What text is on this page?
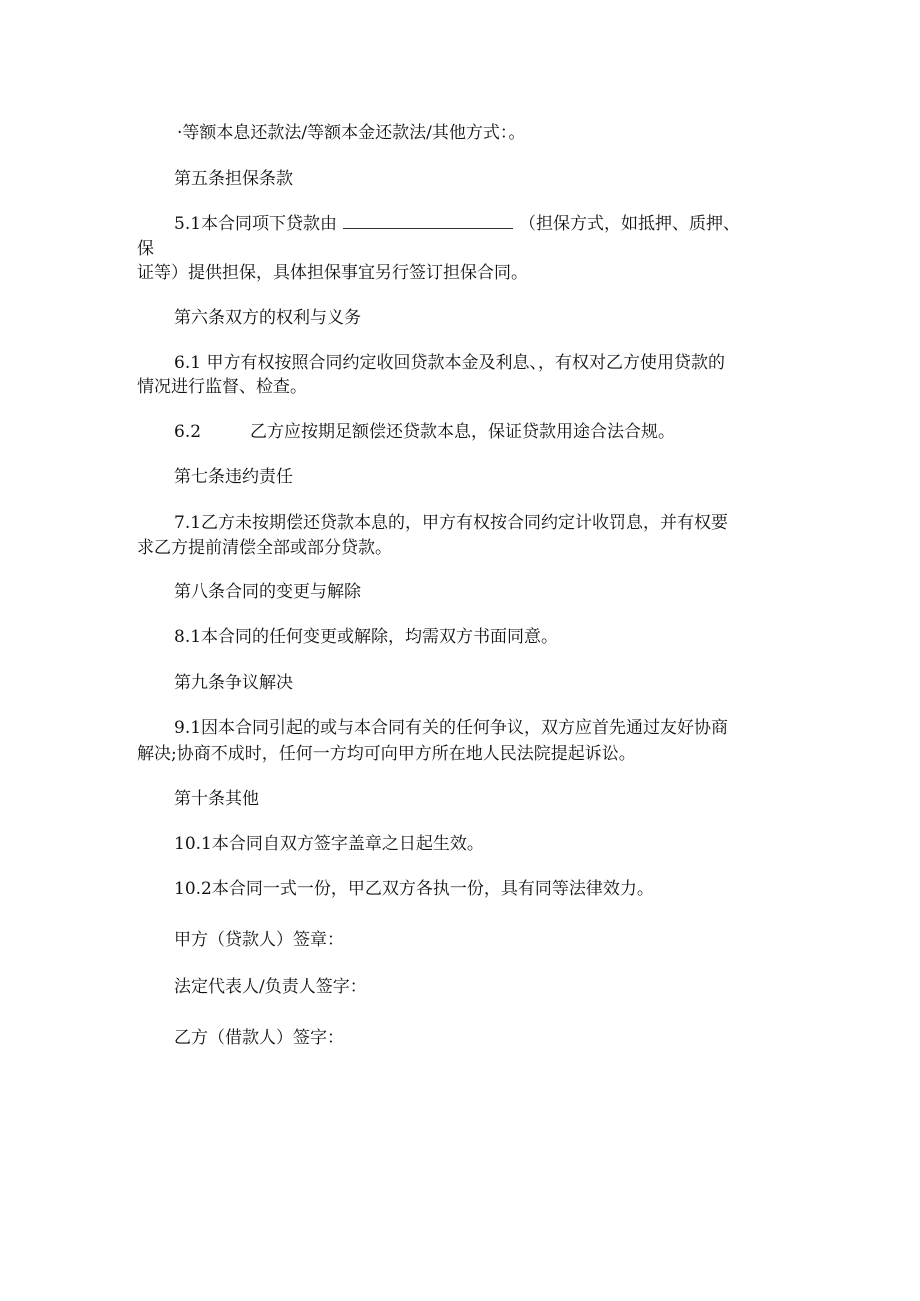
·等额本息还款法/等额本金还款法/其他方式：。
第五条担保条款
5.1本合同项下贷款由	（担保方式，如抵押、质押、
保
证等）提供担保，具体担保事宜另行签订担保合同。
第六条双方的权利与义务
6.1 甲方有权按照合同约定收回贷款本金及利息、，有权对乙方使用贷款的
情况进行监督、检查。
6.2	乙方应按期足额偿还贷款本息，保证贷款用途合法合规。
第七条违约责任
7.1乙方未按期偿还贷款本息的，甲方有权按合同约定计收罚息，并有权要
求乙方提前清偿全部或部分贷款。
第八条合同的变更与解除
8.1本合同的任何变更或解除，均需双方书面同意。
第九条争议解决
9.1因本合同引起的或与本合同有关的任何争议，双方应首先通过友好协商
解决;协商不成时，任何一方均可向甲方所在地人民法院提起诉讼。
第十条其他
10.1本合同自双方签字盖章之日起生效。
10.2本合同一式一份，甲乙双方各执一份，具有同等法律效力。
甲方（贷款人）签章：
法定代表人/负责人签字：
乙方（借款人）签字：
